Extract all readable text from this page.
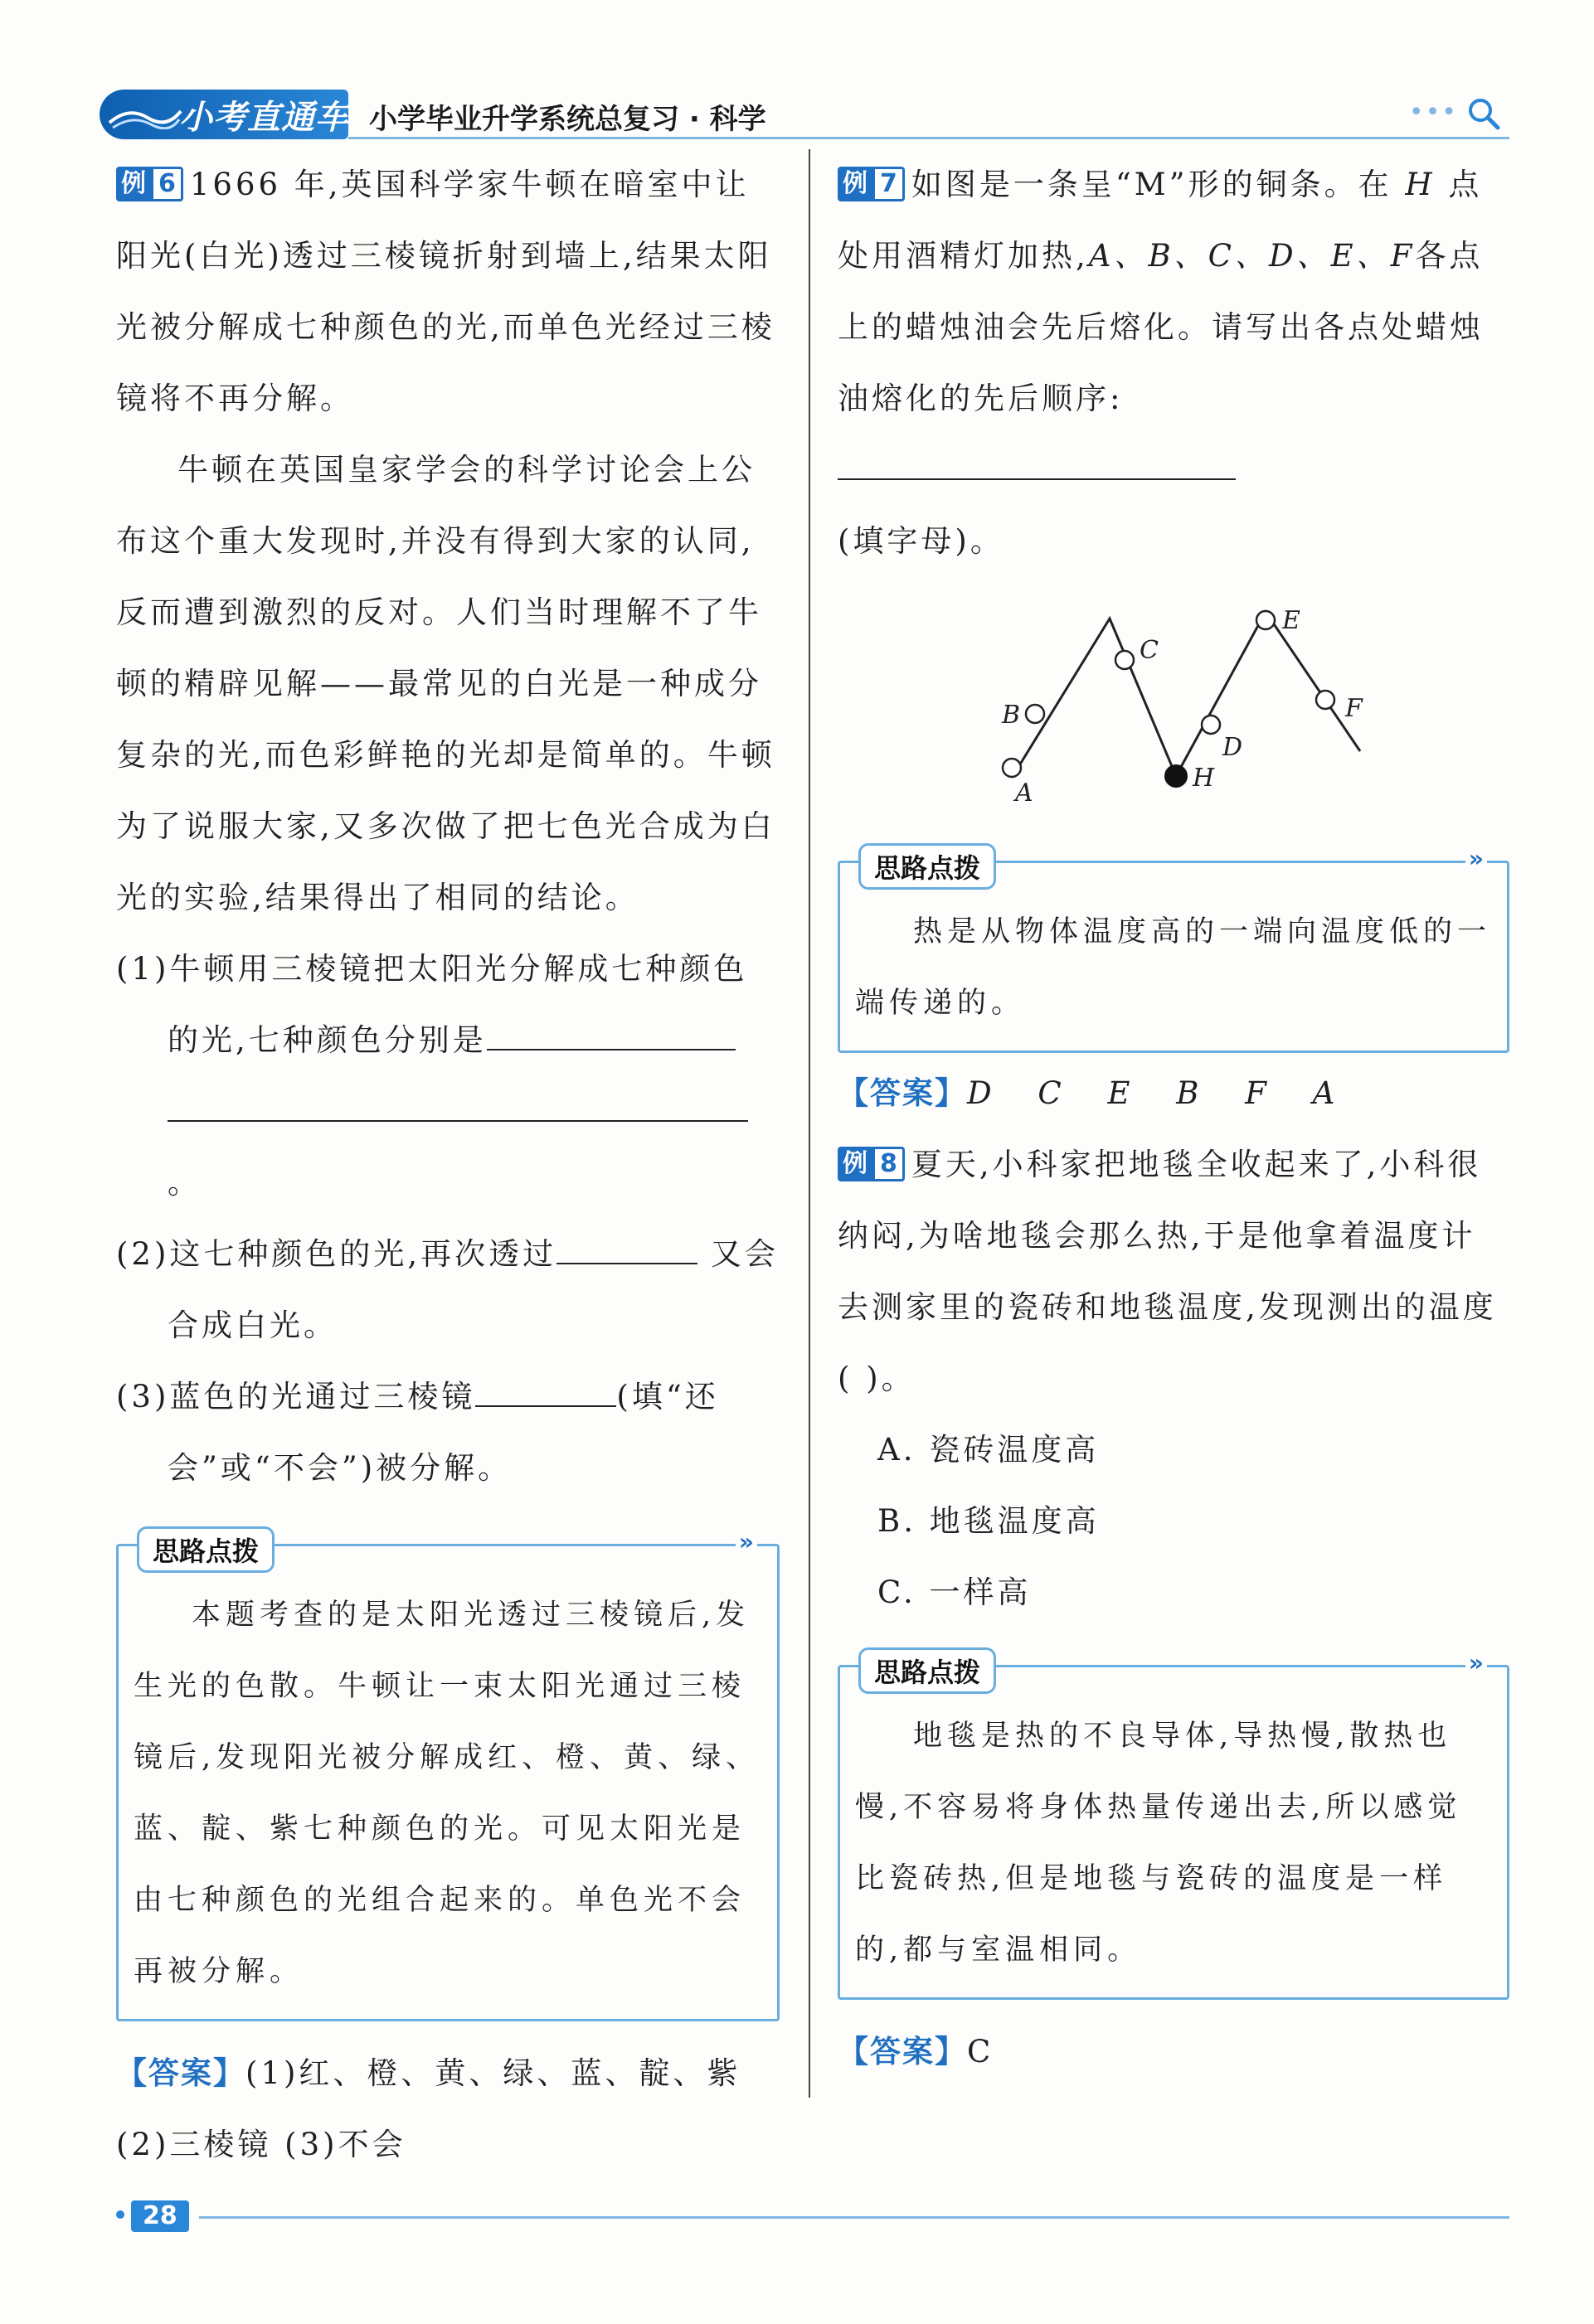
小考直通车 小学毕业升学系统总复习 · 科学	•••

例 6 1666 年,英国科学家牛顿在暗室中让阳光(白光)透过三棱镜折射到墙上,结果太阳光被分解成七种颜色的光,而单色光经过三棱镜将不再分解。

牛顿在英国皇家学会的科学讨论会上公布这个重大发现时,并没有得到大家的认同,反而遭到激烈的反对。人们当时理解不了牛顿的精辟见解——最常见的白光是一种成分复杂的光,而色彩鲜艳的光却是简单的。牛顿为了说服大家,又多次做了把七色光合成为白光的实验,结果得出了相同的结论。

(1)牛顿用三棱镜把太阳光分解成七种颜色的光,七种颜色分别是
。

(2)这七种颜色的光,再次透过	又会合成白光。

(3)蓝色的光通过三棱镜	(填“还会”或“不会”)被分解。

思路点拨	»

本题考查的是太阳光透过三棱镜后,发生光的色散。牛顿让一束太阳光通过三棱镜后,发现阳光被分解成红、橙、黄、绿、蓝、靛、紫七种颜色的光。可见太阳光是由七种颜色的光组合起来的。单色光不会再被分解。

【答案】(1)红、橙、黄、绿、蓝、靛、紫
(2)三棱镜 (3)不会

例 7 如图是一条呈“M”形的铜条。在 H 点处用酒精灯加热,A、B、C、D、E、F各点上的蜡烛油会先后熔化。请写出各点处蜡烛油熔化的先后顺序:
(填字母)。

A
B
C
H
D
E
F
思路点拨	»

热是从物体温度高的一端向温度低的一端传递的。

【答案】D C E B F A

例 8 夏天,小科家把地毯全收起来了,小科很纳闷,为啥地毯会那么热,于是他拿着温度计去测家里的瓷砖和地毯温度,发现测出的温度( )。

A. 瓷砖温度高

B. 地毯温度高

C. 一样高

思路点拨	»

地毯是热的不良导体,导热慢,散热也慢,不容易将身体热量传递出去,所以感觉比瓷砖热,但是地毯与瓷砖的温度是一样的,都与室温相同。

【答案】C

28
